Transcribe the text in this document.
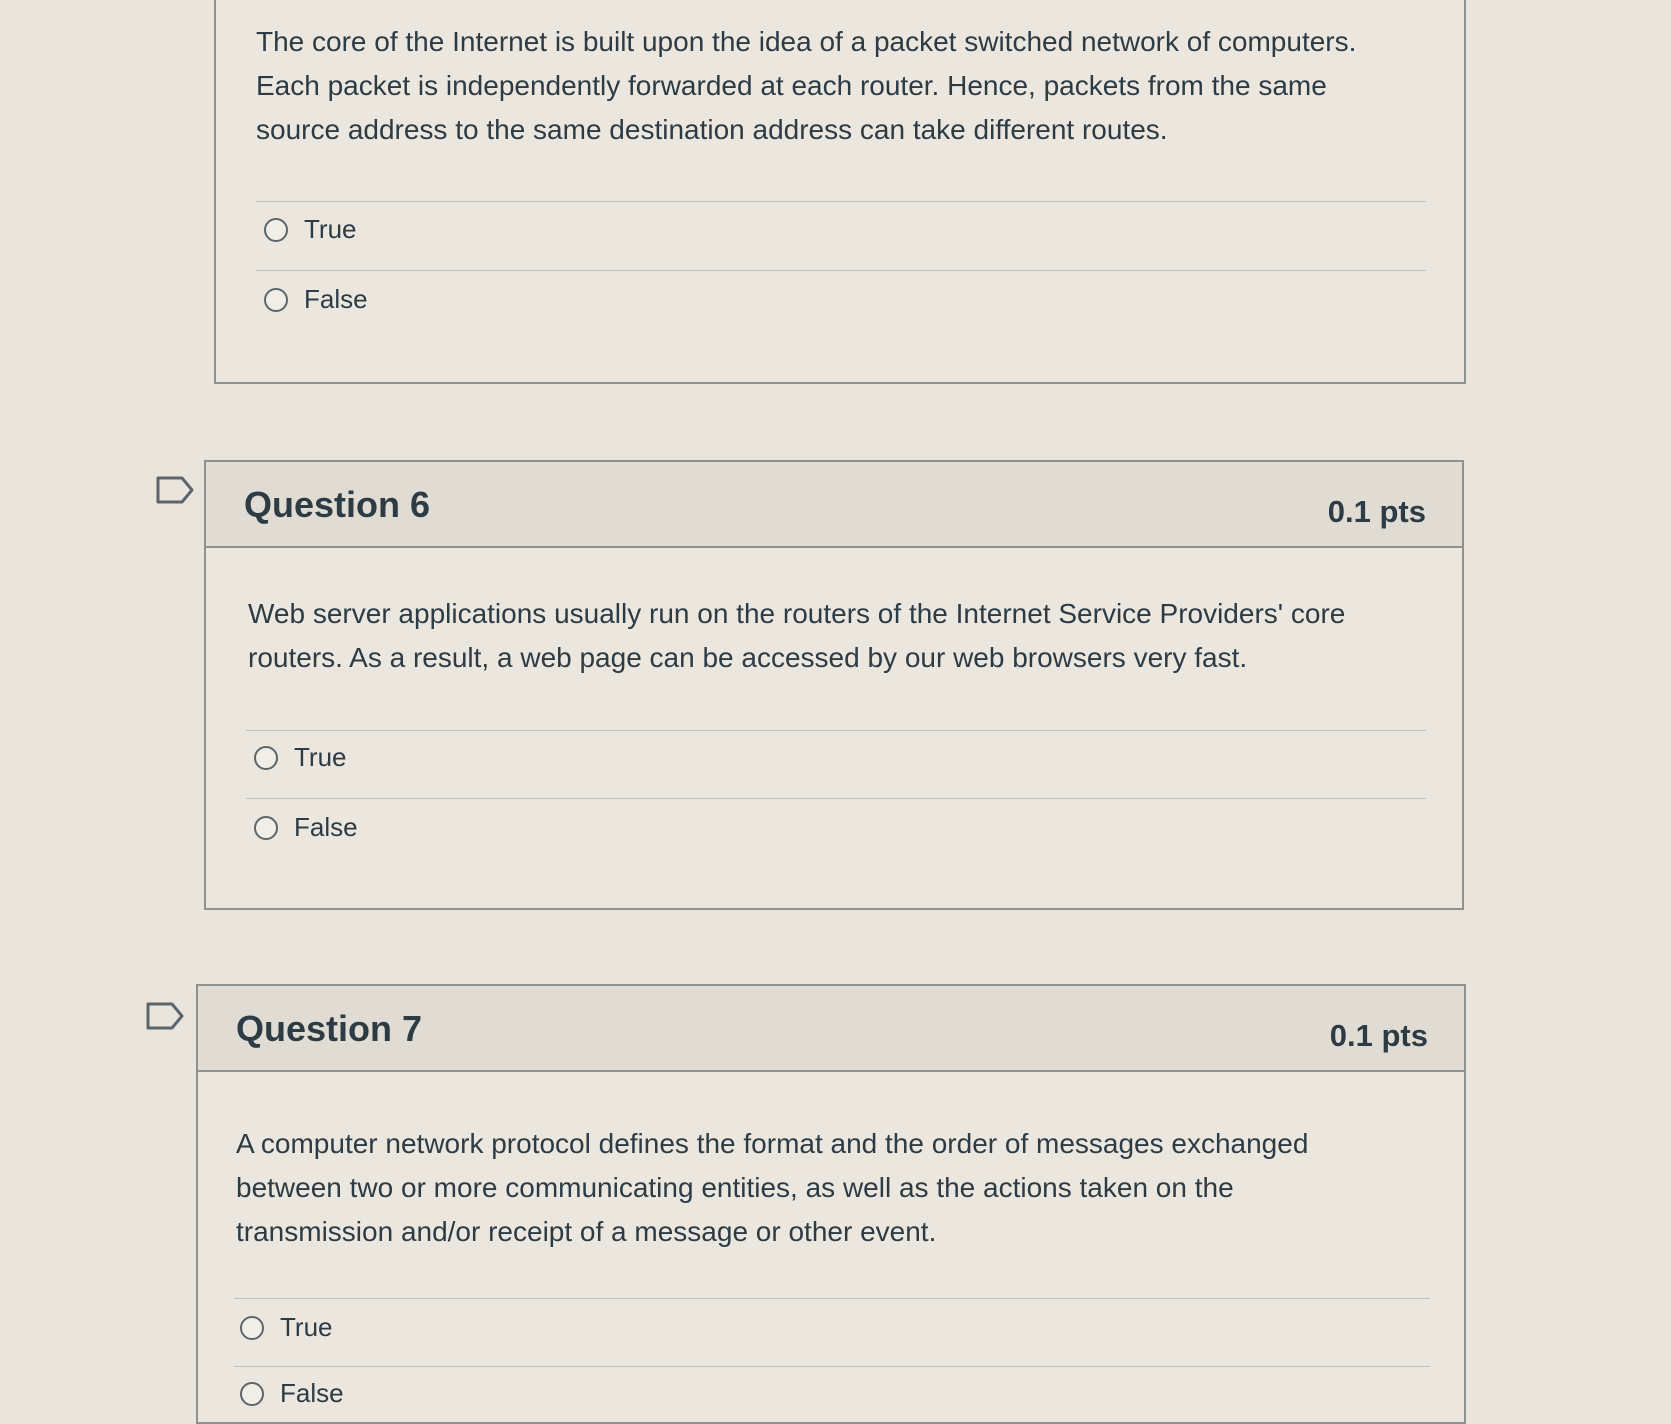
The core of the Internet is built upon the idea of a packet switched network of computers. Each packet is independently forwarded at each router. Hence, packets from the same source address to the same destination address can take different routes.
True
False
Question 6	0.1 pts
Web server applications usually run on the routers of the Internet Service Providers' core routers. As a result, a web page can be accessed by our web browsers very fast.
True
False
Question 7	0.1 pts
A computer network protocol defines the format and the order of messages exchanged between two or more communicating entities, as well as the actions taken on the transmission and/or receipt of a message or other event.
True
False
